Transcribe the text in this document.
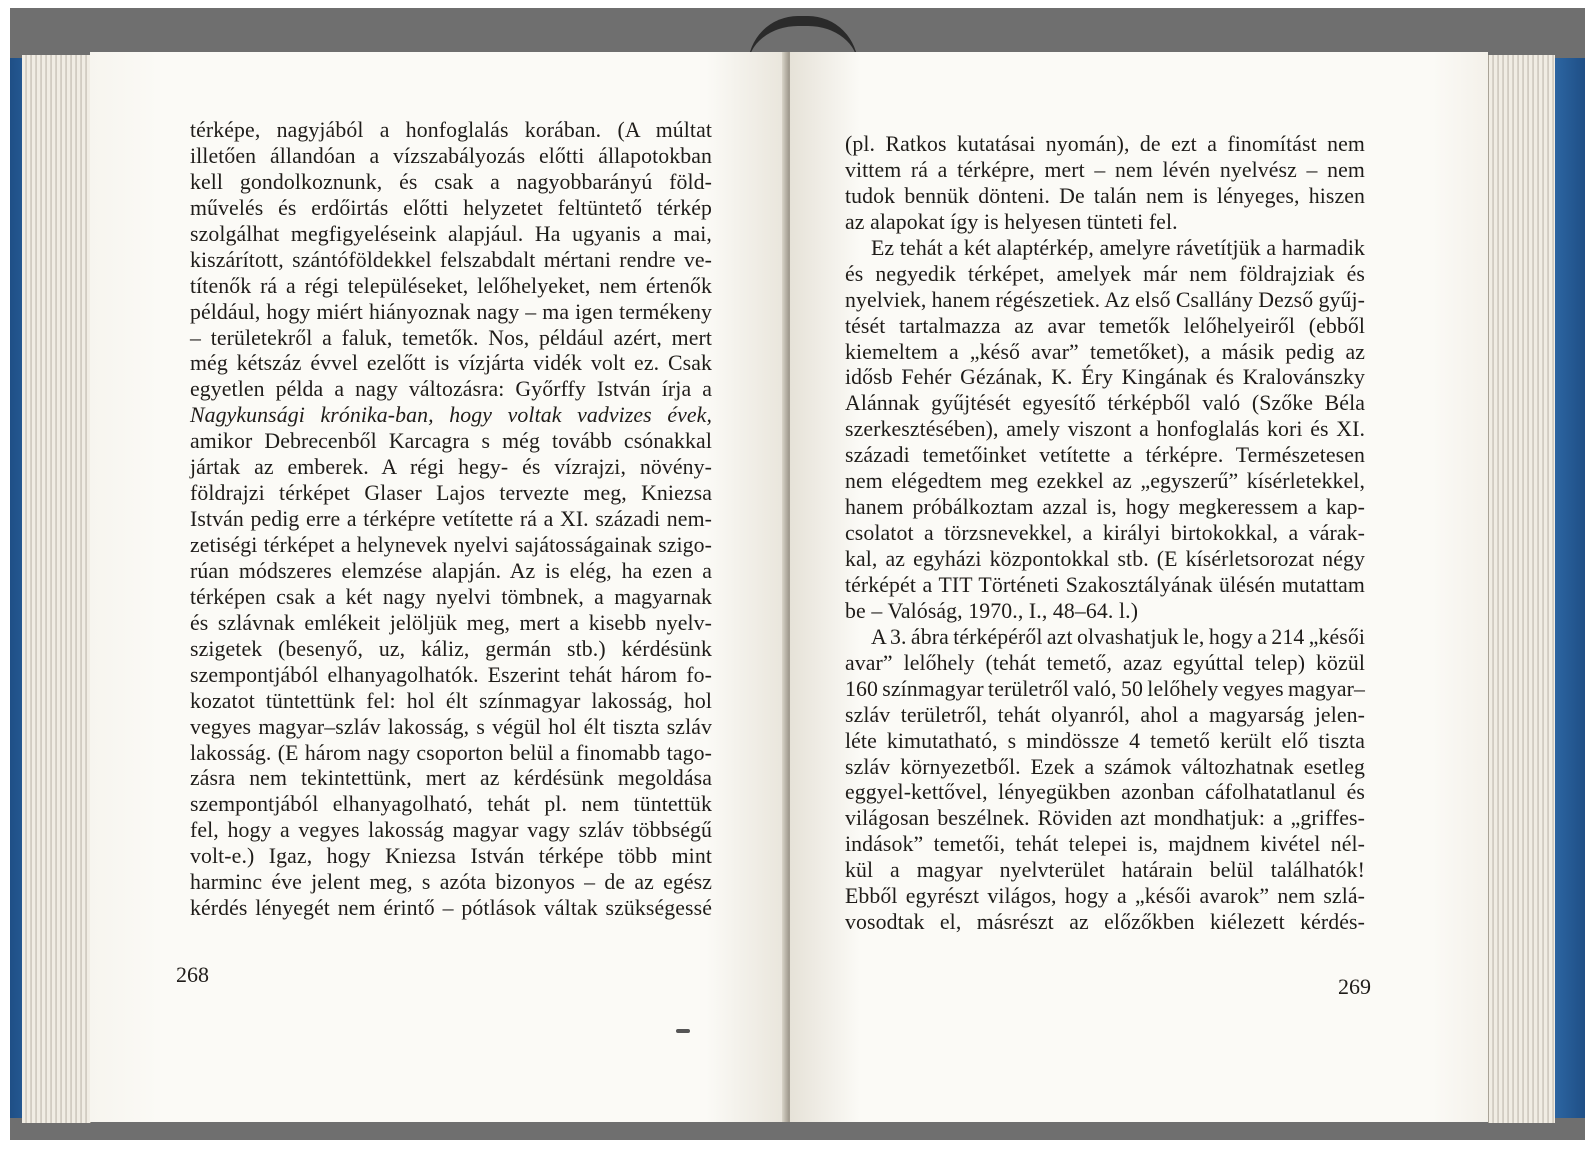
térképe, nagyjából a honfoglalás korában. (A múltat
illetően állandóan a vízszabályozás előtti állapotokban
kell gondolkoznunk, és csak a nagyobbarányú föld-
művelés és erdőirtás előtti helyzetet feltüntető térkép
szolgálhat megfigyeléseink alapjául. Ha ugyanis a mai,
kiszárított, szántóföldekkel felszabdalt mértani rendre ve-
títenők rá a régi településeket, lelőhelyeket, nem értenők
például, hogy miért hiányoznak nagy – ma igen termékeny
– területekről a faluk, temetők. Nos, például azért, mert
még kétszáz évvel ezelőtt is vízjárta vidék volt ez. Csak
egyetlen példa a nagy változásra: Győrffy István írja a
Nagykunsági krónika-ban, hogy voltak vadvizes évek,
amikor Debrecenből Karcagra s még tovább csónakkal
jártak az emberek. A régi hegy- és vízrajzi, növény-
földrajzi térképet Glaser Lajos tervezte meg, Kniezsa
István pedig erre a térképre vetítette rá a XI. századi nem-
zetiségi térképet a helynevek nyelvi sajátosságainak szigo-
rúan módszeres elemzése alapján. Az is elég, ha ezen a
térképen csak a két nagy nyelvi tömbnek, a magyarnak
és szlávnak emlékeit jelöljük meg, mert a kisebb nyelv-
szigetek (besenyő, uz, káliz, germán stb.) kérdésünk
szempontjából elhanyagolhatók. Eszerint tehát három fo-
kozatot tüntettünk fel: hol élt színmagyar lakosság, hol
vegyes magyar–szláv lakosság, s végül hol élt tiszta szláv
lakosság. (E három nagy csoporton belül a finomabb tago-
zásra nem tekintettünk, mert az kérdésünk megoldása
szempontjából elhanyagolható, tehát pl. nem tüntettük
fel, hogy a vegyes lakosság magyar vagy szláv többségű
volt-e.) Igaz, hogy Kniezsa István térképe több mint
harminc éve jelent meg, s azóta bizonyos – de az egész
kérdés lényegét nem érintő – pótlások váltak szükségessé
268
(pl. Ratkos kutatásai nyomán), de ezt a finomítást nem
vittem rá a térképre, mert – nem lévén nyelvész – nem
tudok bennük dönteni. De talán nem is lényeges, hiszen
az alapokat így is helyesen tünteti fel.
Ez tehát a két alaptérkép, amelyre rávetítjük a harmadik
és negyedik térképet, amelyek már nem földrajziak és
nyelviek, hanem régészetiek. Az első Csallány Dezső gyűj-
tését tartalmazza az avar temetők lelőhelyeiről (ebből
kiemeltem a „késő avar” temetőket), a másik pedig az
idősb Fehér Gézának, K. Éry Kingának és Kralovánszky
Alánnak gyűjtését egyesítő térképből való (Szőke Béla
szerkesztésében), amely viszont a honfoglalás kori és XI.
századi temetőinket vetítette a térképre. Természetesen
nem elégedtem meg ezekkel az „egyszerű” kísérletekkel,
hanem próbálkoztam azzal is, hogy megkeressem a kap-
csolatot a törzsnevekkel, a királyi birtokokkal, a várak-
kal, az egyházi központokkal stb. (E kísérletsorozat négy
térképét a TIT Történeti Szakosztályának ülésén mutattam
be – Valóság, 1970., I., 48–64. l.)
A 3. ábra térképéről azt olvashatjuk le, hogy a 214 „késői
avar” lelőhely (tehát temető, azaz egyúttal telep) közül
160 színmagyar területről való, 50 lelőhely vegyes magyar–
szláv területről, tehát olyanról, ahol a magyarság jelen-
léte kimutatható, s mindössze 4 temető került elő tiszta
szláv környezetből. Ezek a számok változhatnak esetleg
eggyel-kettővel, lényegükben azonban cáfolhatatlanul és
világosan beszélnek. Röviden azt mondhatjuk: a „griffes-
indások” temetői, tehát telepei is, majdnem kivétel nél-
kül a magyar nyelvterület határain belül találhatók!
Ebből egyrészt világos, hogy a „késői avarok” nem szlá-
vosodtak el, másrészt az előzőkben kiélezett kérdés-
269
